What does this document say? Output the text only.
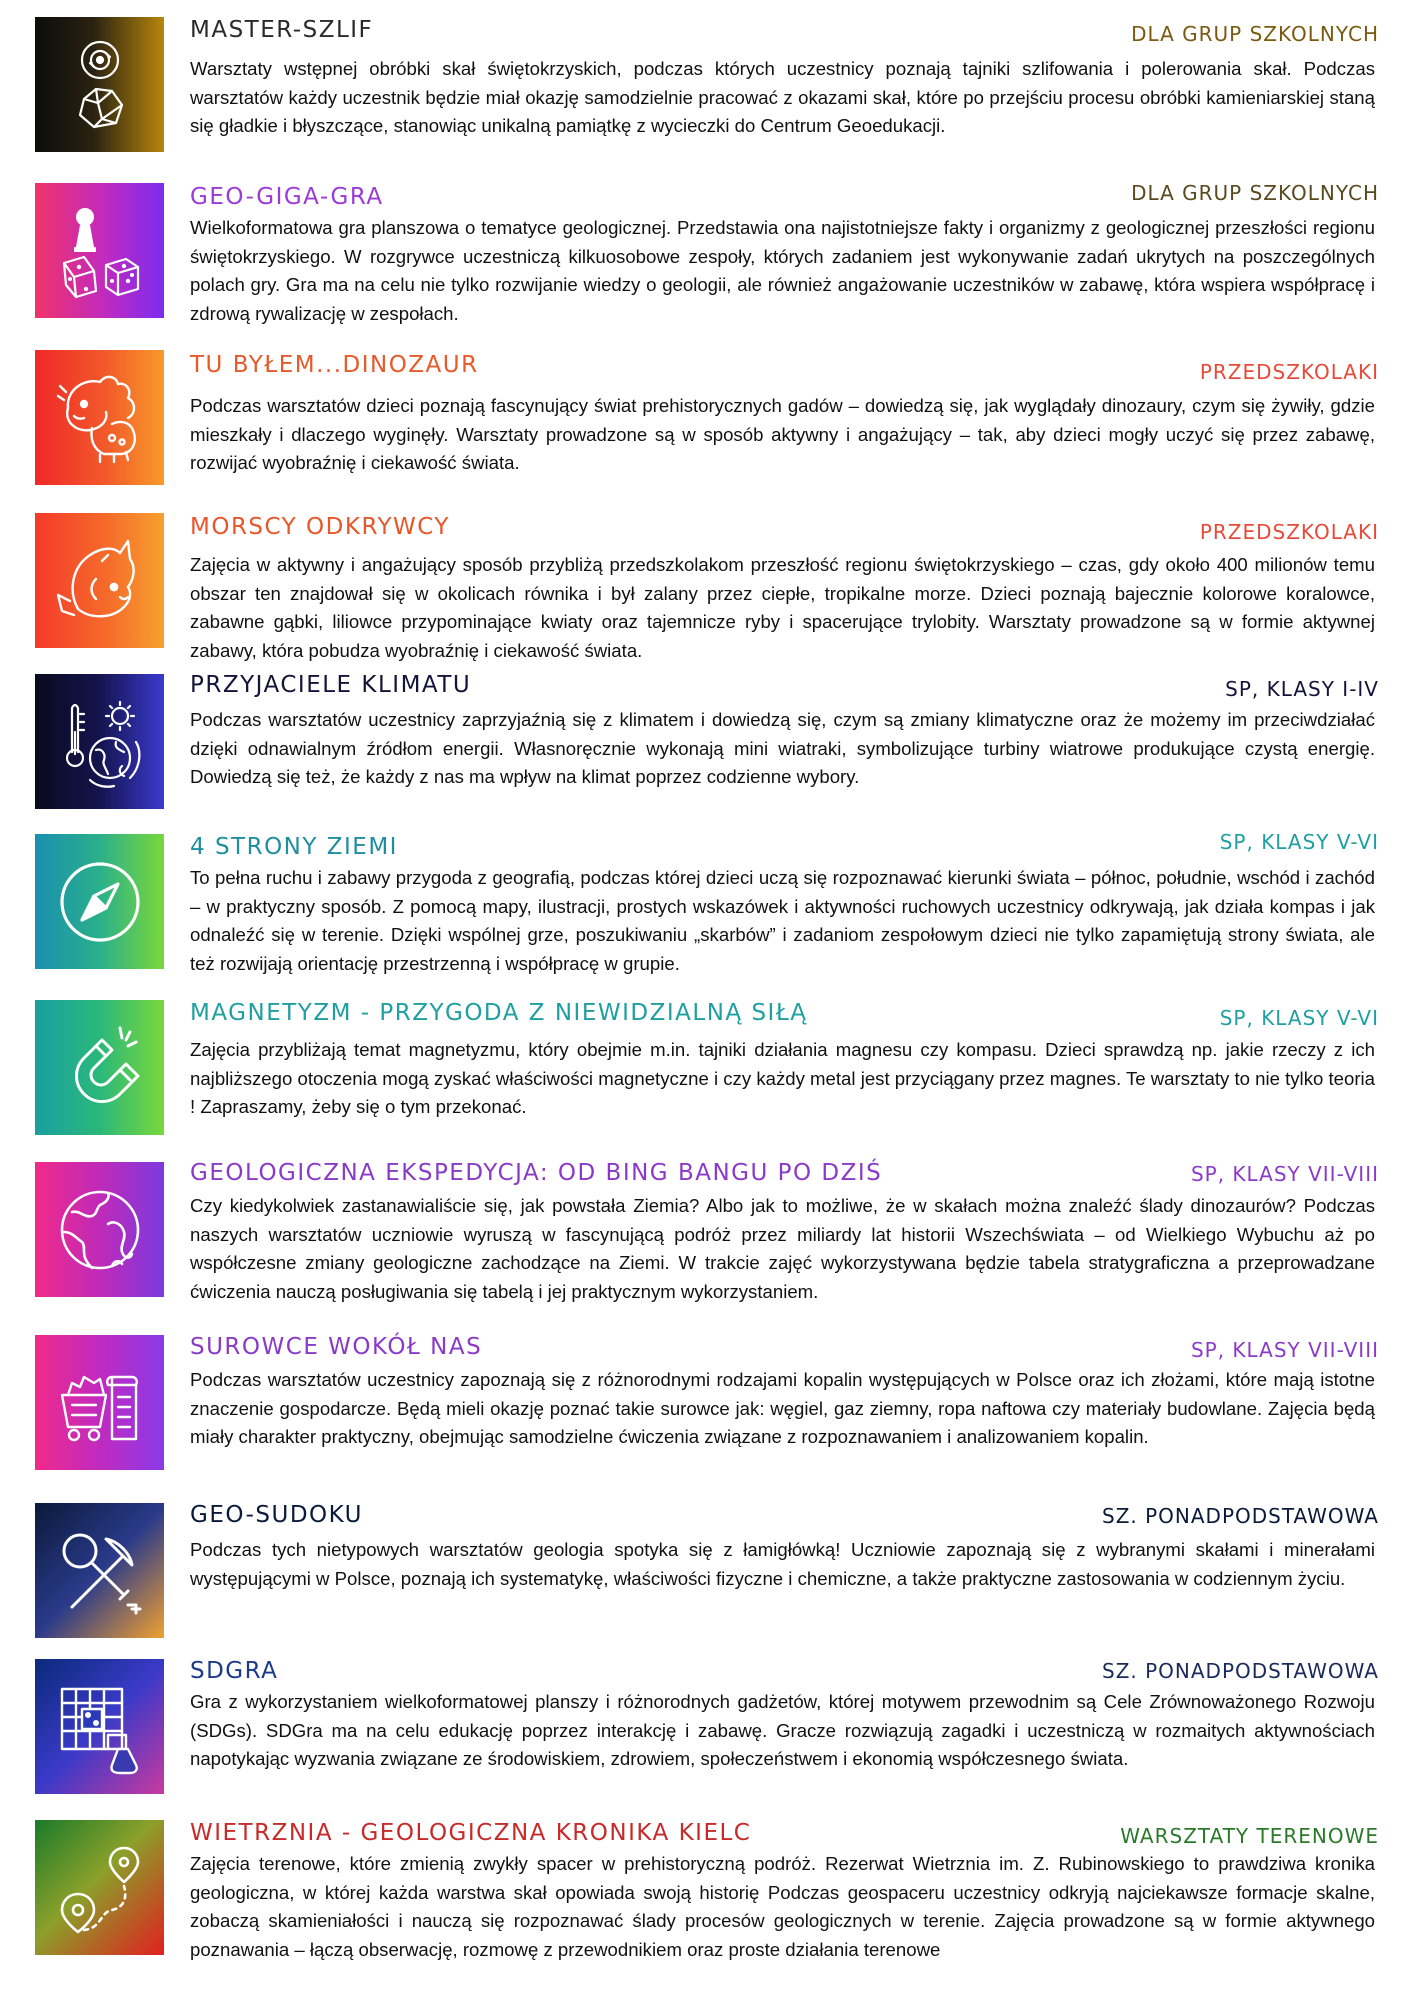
MASTER-SZLIF	DLA GRUP SZKOLNYCH

Warsztaty wstępnej obróbki skał świętokrzyskich, podczas których uczestnicy poznają tajniki szlifowania i polerowania skał. Podczas warsztatów każdy uczestnik będzie miał okazję samodzielnie pracować z okazami skał, które po przejściu procesu obróbki kamieniarskiej staną się gładkie i błyszczące, stanowiąc unikalną pamiątkę z wycieczki do Centrum Geoedukacji.

GEO-GIGA-GRA	DLA GRUP SZKOLNYCH

Wielkoformatowa gra planszowa o tematyce geologicznej. Przedstawia ona najistotniejsze fakty i organizmy z geologicznej przeszłości regionu świętokrzyskiego. W rozgrywce uczestniczą kilkuosobowe zespoły, których zadaniem jest wykonywanie zadań ukrytych na poszczególnych polach gry. Gra ma na celu nie tylko rozwijanie wiedzy o geologii, ale również angażowanie uczestników w zabawę, która wspiera współpracę i zdrową rywalizację w zespołach.

TU BYŁEM...DINOZAUR	PRZEDSZKOLAKI

Podczas warsztatów dzieci poznają fascynujący świat prehistorycznych gadów – dowiedzą się, jak wyglądały dinozaury, czym się żywiły, gdzie mieszkały i dlaczego wyginęły. Warsztaty prowadzone są w sposób aktywny i angażujący – tak, aby dzieci mogły uczyć się przez zabawę, rozwijać wyobraźnię i ciekawość świata.

MORSCY ODKRYWCY	PRZEDSZKOLAKI

Zajęcia w aktywny i angażujący sposób przybliżą przedszkolakom przeszłość regionu świętokrzyskiego – czas, gdy około 400 milionów temu obszar ten znajdował się w okolicach równika i był zalany przez ciepłe, tropikalne morze. Dzieci poznają bajecznie kolorowe koralowce, zabawne gąbki, liliowce przypominające kwiaty oraz tajemnicze ryby i spacerujące trylobity. Warsztaty prowadzone są w formie aktywnej zabawy, która pobudza wyobraźnię i ciekawość świata.

PRZYJACIELE KLIMATU	SP, KLASY I-IV

Podczas warsztatów uczestnicy zaprzyjaźnią się z klimatem i dowiedzą się, czym są zmiany klimatyczne oraz że możemy im przeciwdziałać dzięki odnawialnym źródłom energii. Własnoręcznie wykonają mini wiatraki, symbolizujące turbiny wiatrowe produkujące czystą energię. Dowiedzą się też, że każdy z nas ma wpływ na klimat poprzez codzienne wybory.

4 STRONY ZIEMI	SP, KLASY V-VI

To pełna ruchu i zabawy przygoda z geografią, podczas której dzieci uczą się rozpoznawać kierunki świata – północ, południe, wschód i zachód – w praktyczny sposób. Z pomocą mapy, ilustracji, prostych wskazówek i aktywności ruchowych uczestnicy odkrywają, jak działa kompas i jak odnaleźć się w terenie. Dzięki wspólnej grze, poszukiwaniu „skarbów” i zadaniom zespołowym dzieci nie tylko zapamiętują strony świata, ale też rozwijają orientację przestrzenną i współpracę w grupie.

MAGNETYZM - PRZYGODA Z NIEWIDZIALNĄ SIŁĄ	SP, KLASY V-VI

Zajęcia przybliżają temat magnetyzmu, który obejmie m.in. tajniki działania magnesu czy kompasu. Dzieci sprawdzą np. jakie rzeczy z ich najbliższego otoczenia mogą zyskać właściwości magnetyczne i czy każdy metal jest przyciągany przez magnes. Te warsztaty to nie tylko teoria ! Zapraszamy, żeby się o tym przekonać.

GEOLOGICZNA EKSPEDYCJA: OD BING BANGU PO DZIŚ	SP, KLASY VII-VIII

Czy kiedykolwiek zastanawialiście się, jak powstała Ziemia? Albo jak to możliwe, że w skałach można znaleźć ślady dinozaurów? Podczas naszych warsztatów uczniowie wyruszą w fascynującą podróż przez miliardy lat historii Wszechświata – od Wielkiego Wybuchu aż po współczesne zmiany geologiczne zachodzące na Ziemi. W trakcie zajęć wykorzystywana będzie tabela stratygraficzna a przeprowadzane ćwiczenia nauczą posługiwania się tabelą i jej praktycznym wykorzystaniem.

SUROWCE WOKÓŁ NAS	SP, KLASY VII-VIII

Podczas warsztatów uczestnicy zapoznają się z różnorodnymi rodzajami kopalin występujących w Polsce oraz ich złożami, które mają istotne znaczenie gospodarcze. Będą mieli okazję poznać takie surowce jak: węgiel, gaz ziemny, ropa naftowa czy materiały budowlane. Zajęcia będą miały charakter praktyczny, obejmując samodzielne ćwiczenia związane z rozpoznawaniem i analizowaniem kopalin.

GEO-SUDOKU	SZ. PONADPODSTAWOWA

Podczas tych nietypowych warsztatów geologia spotyka się z łamigłówką! Uczniowie zapoznają się z wybranymi skałami i minerałami występującymi w Polsce, poznają ich systematykę, właściwości fizyczne i chemiczne, a także praktyczne zastosowania w codziennym życiu.

SDGRA	SZ. PONADPODSTAWOWA

Gra z wykorzystaniem wielkoformatowej planszy i różnorodnych gadżetów, której motywem przewodnim są Cele Zrównoważonego Rozwoju (SDGs). SDGra ma na celu edukację poprzez interakcję i zabawę. Gracze rozwiązują zagadki i uczestniczą w rozmaitych aktywnościach napotykając wyzwania związane ze środowiskiem, zdrowiem, społeczeństwem i ekonomią współczesnego świata.

WIETRZNIA - GEOLOGICZNA KRONIKA KIELC	WARSZTATY TERENOWE

Zajęcia terenowe, które zmienią zwykły spacer w prehistoryczną podróż. Rezerwat Wietrznia im. Z. Rubinowskiego to prawdziwa kronika geologiczna, w której każda warstwa skał opowiada swoją historię Podczas geospaceru uczestnicy odkryją najciekawsze formacje skalne, zobaczą skamieniałości i nauczą się rozpoznawać ślady procesów geologicznych w terenie. Zajęcia prowadzone są w formie aktywnego poznawania – łączą obserwację, rozmowę z przewodnikiem oraz proste działania terenowe
